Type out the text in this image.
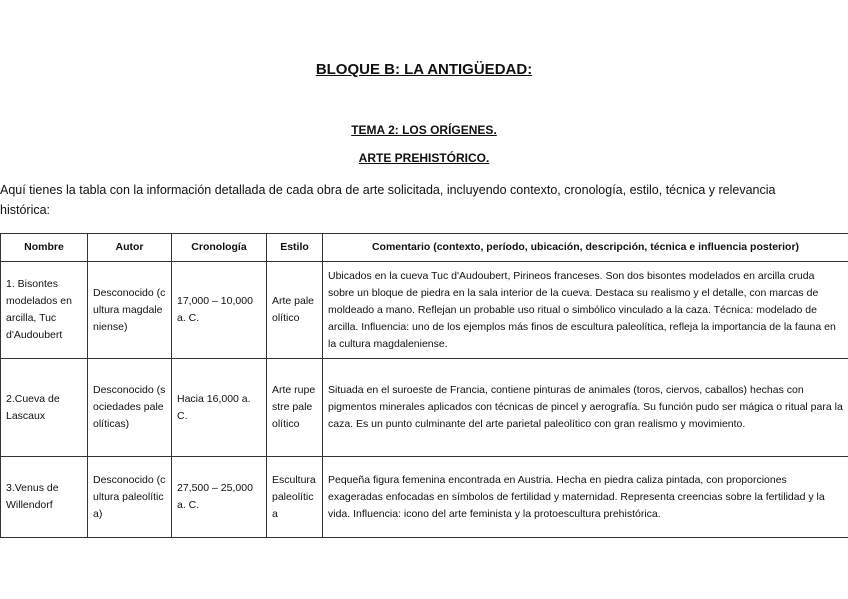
BLOQUE B: LA ANTIGÜEDAD:
TEMA 2: LOS ORÍGENES.
ARTE PREHISTÓRICO.
Aquí tienes la tabla con la información detallada de cada obra de arte solicitada, incluyendo contexto, cronología, estilo, técnica y relevancia histórica:
Nombre	Autor	Cronología	Estilo	Comentario (contexto, período, ubicación, descripción, técnica e influencia posterior)
1. Bisontes modelados en arcilla, Tuc d'Audoubert	Desconocido (cultura magdaleniense)	17,000 – 10,000 a. C.	Arte paleolítico	Ubicados en la cueva Tuc d'Audoubert, Pirineos franceses. Son dos bisontes modelados en arcilla cruda sobre un bloque de piedra en la sala interior de la cueva. Destaca su realismo y el detalle, con marcas de moldeado a mano. Reflejan un probable uso ritual o simbólico vinculado a la caza. Técnica: modelado de arcilla. Influencia: uno de los ejemplos más finos de escultura paleolítica, refleja la importancia de la fauna en la cultura magdaleniense.
2.Cueva de Lascaux	Desconocido (sociedades paleolíticas)	Hacia 16,000 a. C.	Arte rupestre paleolítico	Situada en el suroeste de Francia, contiene pinturas de animales (toros, ciervos, caballos) hechas con pigmentos minerales aplicados con técnicas de pincel y aerografía. Su función pudo ser mágica o ritual para la caza. Es un punto culminante del arte parietal paleolítico con gran realismo y movimiento.
3.Venus de Willendorf	Desconocido (cultura paleolítica)	27,500 – 25,000 a. C.	Escultura paleolítica	Pequeña figura femenina encontrada en Austria. Hecha en piedra caliza pintada, con proporciones exageradas enfocadas en símbolos de fertilidad y maternidad. Representa creencias sobre la fertilidad y la vida. Influencia: icono del arte feminista y la protoescultura prehistórica.
